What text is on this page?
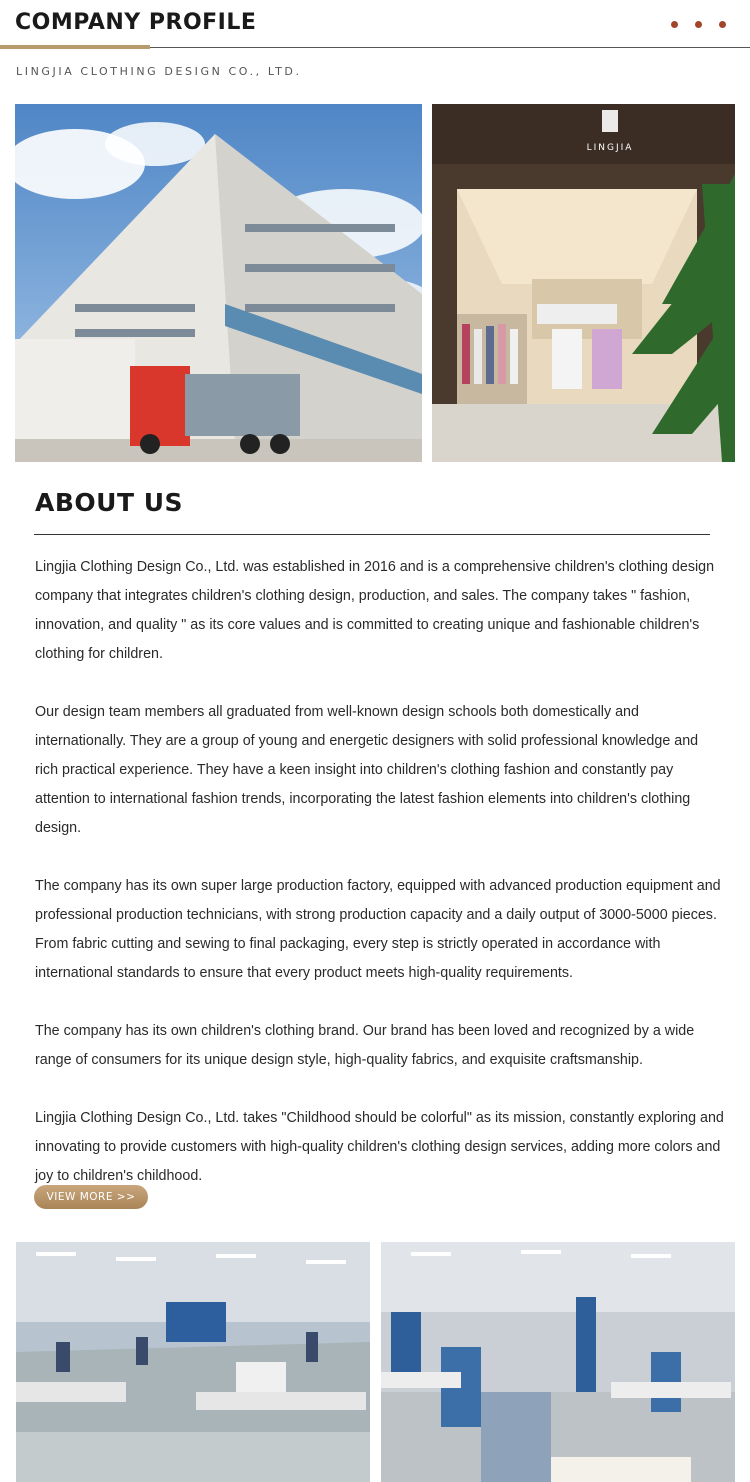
COMPANY PROFILE
LINGJIA CLOTHING DESIGN CO., LTD.
LINGJIA
ABOUT US

Lingjia Clothing Design Co., Ltd. was established in 2016 and is a comprehensive children's clothing design company that integrates children's clothing design, production, and sales. The company takes " fashion, innovation, and quality " as its core values and is committed to creating unique and fashionable children's clothing for children.

Our design team members all graduated from well-known design schools both domestically and internationally. They are a group of young and energetic designers with solid professional knowledge and rich practical experience. They have a keen insight into children's clothing fashion and constantly pay attention to international fashion trends, incorporating the latest fashion elements into children's clothing design.

The company has its own super large production factory, equipped with advanced production equipment and professional production technicians, with strong production capacity and a daily output of 3000-5000 pieces. From fabric cutting and sewing to final packaging, every step is strictly operated in accordance with international standards to ensure that every product meets high-quality requirements.

The company has its own children's clothing brand. Our brand has been loved and recognized by a wide range of consumers for its unique design style, high-quality fabrics, and exquisite craftsmanship.

Lingjia Clothing Design Co., Ltd. takes "Childhood should be colorful" as its mission, constantly exploring and innovating to provide customers with high-quality children's clothing design services, adding more colors and joy to children's childhood.

VIEW MORE >>
